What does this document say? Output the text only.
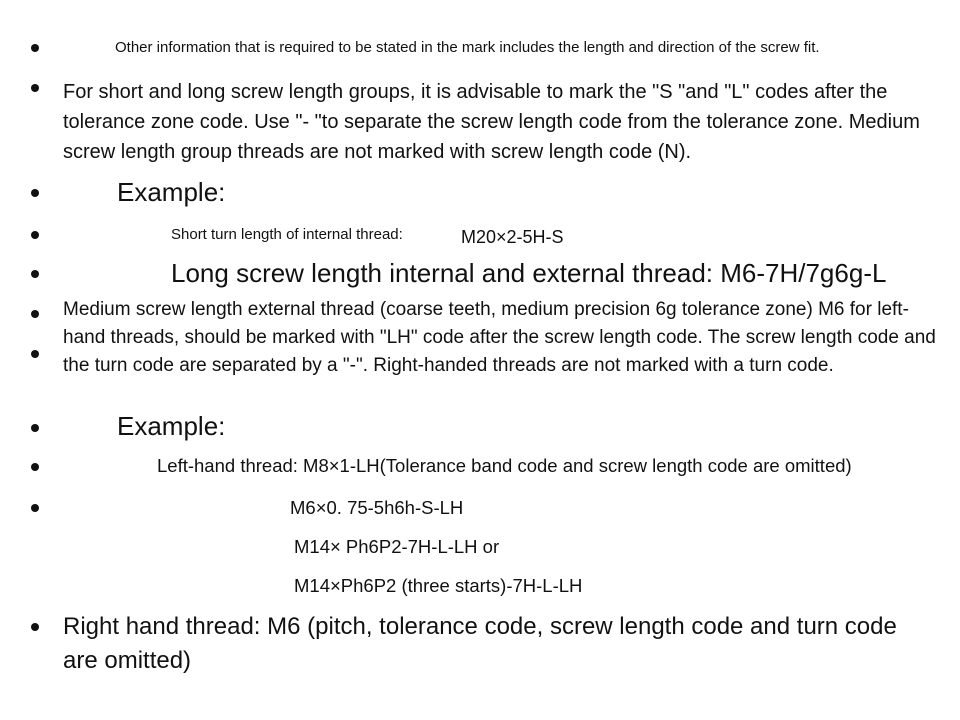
Other information that is required to be stated in the mark includes the length and direction of the screw fit.
For short and long screw length groups, it is advisable to mark the "S "and "L" codes after the tolerance zone code. Use "- "to separate the screw length code from the tolerance zone. Medium screw length group threads are not marked with screw length code (N).
Example:
Short turn length of internal thread:	M20×2-5H-S
Long screw length internal and external thread: M6-7H/7g6g-L
Medium screw length external thread (coarse teeth, medium precision 6g tolerance zone) M6 for left-hand threads, should be marked with "LH" code after the screw length code. The screw length code and the turn code are separated by a "-". Right-handed threads are not marked with a turn code.
Example:
Left-hand thread: M8×1-LH(Tolerance band code and screw length code are omitted)
M6×0. 75-5h6h-S-LH
M14× Ph6P2-7H-L-LH or
M14×Ph6P2 (three starts)-7H-L-LH
Right hand thread: M6 (pitch, tolerance code, screw length code and turn code are omitted)
